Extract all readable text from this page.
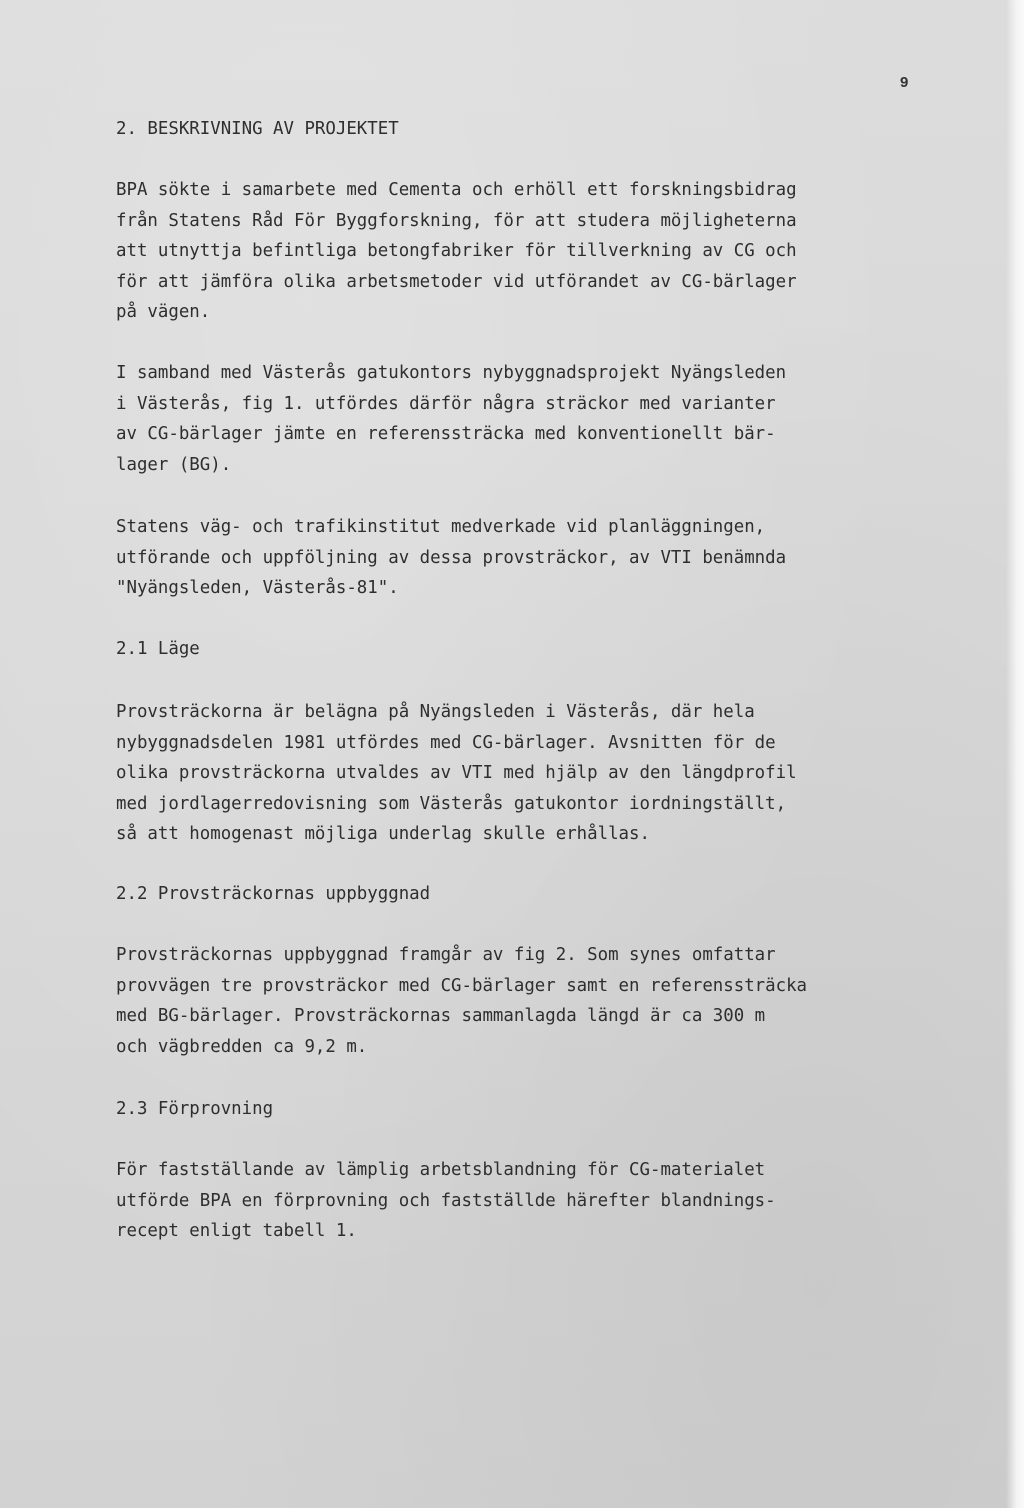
9

2. BESKRIVNING AV PROJEKTET

BPA sökte i samarbete med Cementa och erhöll ett forskningsbidrag
från Statens Råd För Byggforskning, för att studera möjligheterna
att utnyttja befintliga betongfabriker för tillverkning av CG och
för att jämföra olika arbetsmetoder vid utförandet av CG-bärlager
på vägen.

I samband med Västerås gatukontors nybyggnadsprojekt Nyängsleden
i Västerås, fig 1. utfördes därför några sträckor med varianter
av CG-bärlager jämte en referenssträcka med konventionellt bär-
lager (BG).

Statens väg- och trafikinstitut medverkade vid planläggningen,
utförande och uppföljning av dessa provsträckor, av VTI benämnda
"Nyängsleden, Västerås-81".

2.1 Läge

Provsträckorna är belägna på Nyängsleden i Västerås, där hela
nybyggnadsdelen 1981 utfördes med CG-bärlager. Avsnitten för de
olika provsträckorna utvaldes av VTI med hjälp av den längdprofil
med jordlagerredovisning som Västerås gatukontor iordningställt,
så att homogenast möjliga underlag skulle erhållas.

2.2 Provsträckornas uppbyggnad

Provsträckornas uppbyggnad framgår av fig 2. Som synes omfattar
provvägen tre provsträckor med CG-bärlager samt en referenssträcka
med BG-bärlager. Provsträckornas sammanlagda längd är ca 300 m
och vägbredden ca 9,2 m.

2.3 Förprovning

För fastställande av lämplig arbetsblandning för CG-materialet
utförde BPA en förprovning och fastställde härefter blandnings-
recept enligt tabell 1.
